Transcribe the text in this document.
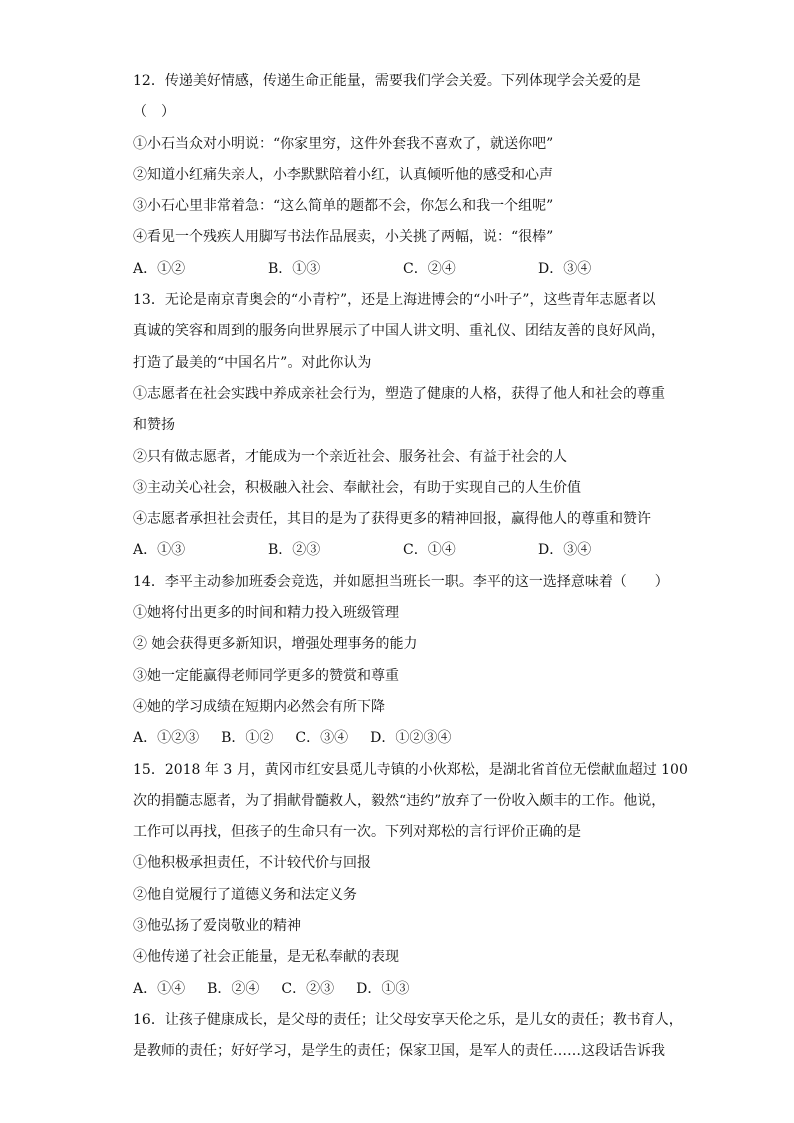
12．传递美好情感，传递生命正能量，需要我们学会关爱。下列体现学会关爱的是
（　）
①小石当众对小明说：“你家里穷，这件外套我不喜欢了，就送你吧”
②知道小红痛失亲人，小李默默陪着小红，认真倾听他的感受和心声
③小石心里非常着急：“这么简单的题都不会，你怎么和我一个组呢”
④看见一个残疾人用脚写书法作品展卖，小关挑了两幅，说：“很棒”
A．①②	B．①③	C．②④	D．③④
13．无论是南京青奥会的“小青柠”，还是上海进博会的“小叶子”，这些青年志愿者以
真诚的笑容和周到的服务向世界展示了中国人讲文明、重礼仪、团结友善的良好风尚，
打造了最美的“中国名片”。对此你认为
①志愿者在社会实践中养成亲社会行为，塑造了健康的人格，获得了他人和社会的尊重
和赞扬
②只有做志愿者，才能成为一个亲近社会、服务社会、有益于社会的人
③主动关心社会，积极融入社会、奉献社会，有助于实现自己的人生价值
④志愿者承担社会责任，其目的是为了获得更多的精神回报，赢得他人的尊重和赞许
A．①③	B．②③	C．①④	D．③④
14．李平主动参加班委会竞选，并如愿担当班长一职。李平的这一选择意味着（　　）
①她将付出更多的时间和精力投入班级管理
② 她会获得更多新知识，增强处理事务的能力
③她一定能赢得老师同学更多的赞赏和尊重
④她的学习成绩在短期内必然会有所下降
A．①②③ B．①② C．③④ D．①②③④
15．2018 年 3 月，黄冈市红安县觅儿寺镇的小伙郑松，是湖北省首位无偿献血超过 100
次的捐髓志愿者，为了捐献骨髓救人，毅然“违约”放弃了一份收入颇丰的工作。他说，
工作可以再找，但孩子的生命只有一次。下列对郑松的言行评价正确的是
①他积极承担责任，不计较代价与回报
②他自觉履行了道德义务和法定义务
③他弘扬了爱岗敬业的精神
④他传递了社会正能量，是无私奉献的表现
A．①④ B．②④ C．②③ D．①③
16．让孩子健康成长，是父母的责任；让父母安享天伦之乐，是儿女的责任；教书育人，
是教师的责任；好好学习，是学生的责任；保家卫国，是军人的责任……这段话告诉我
